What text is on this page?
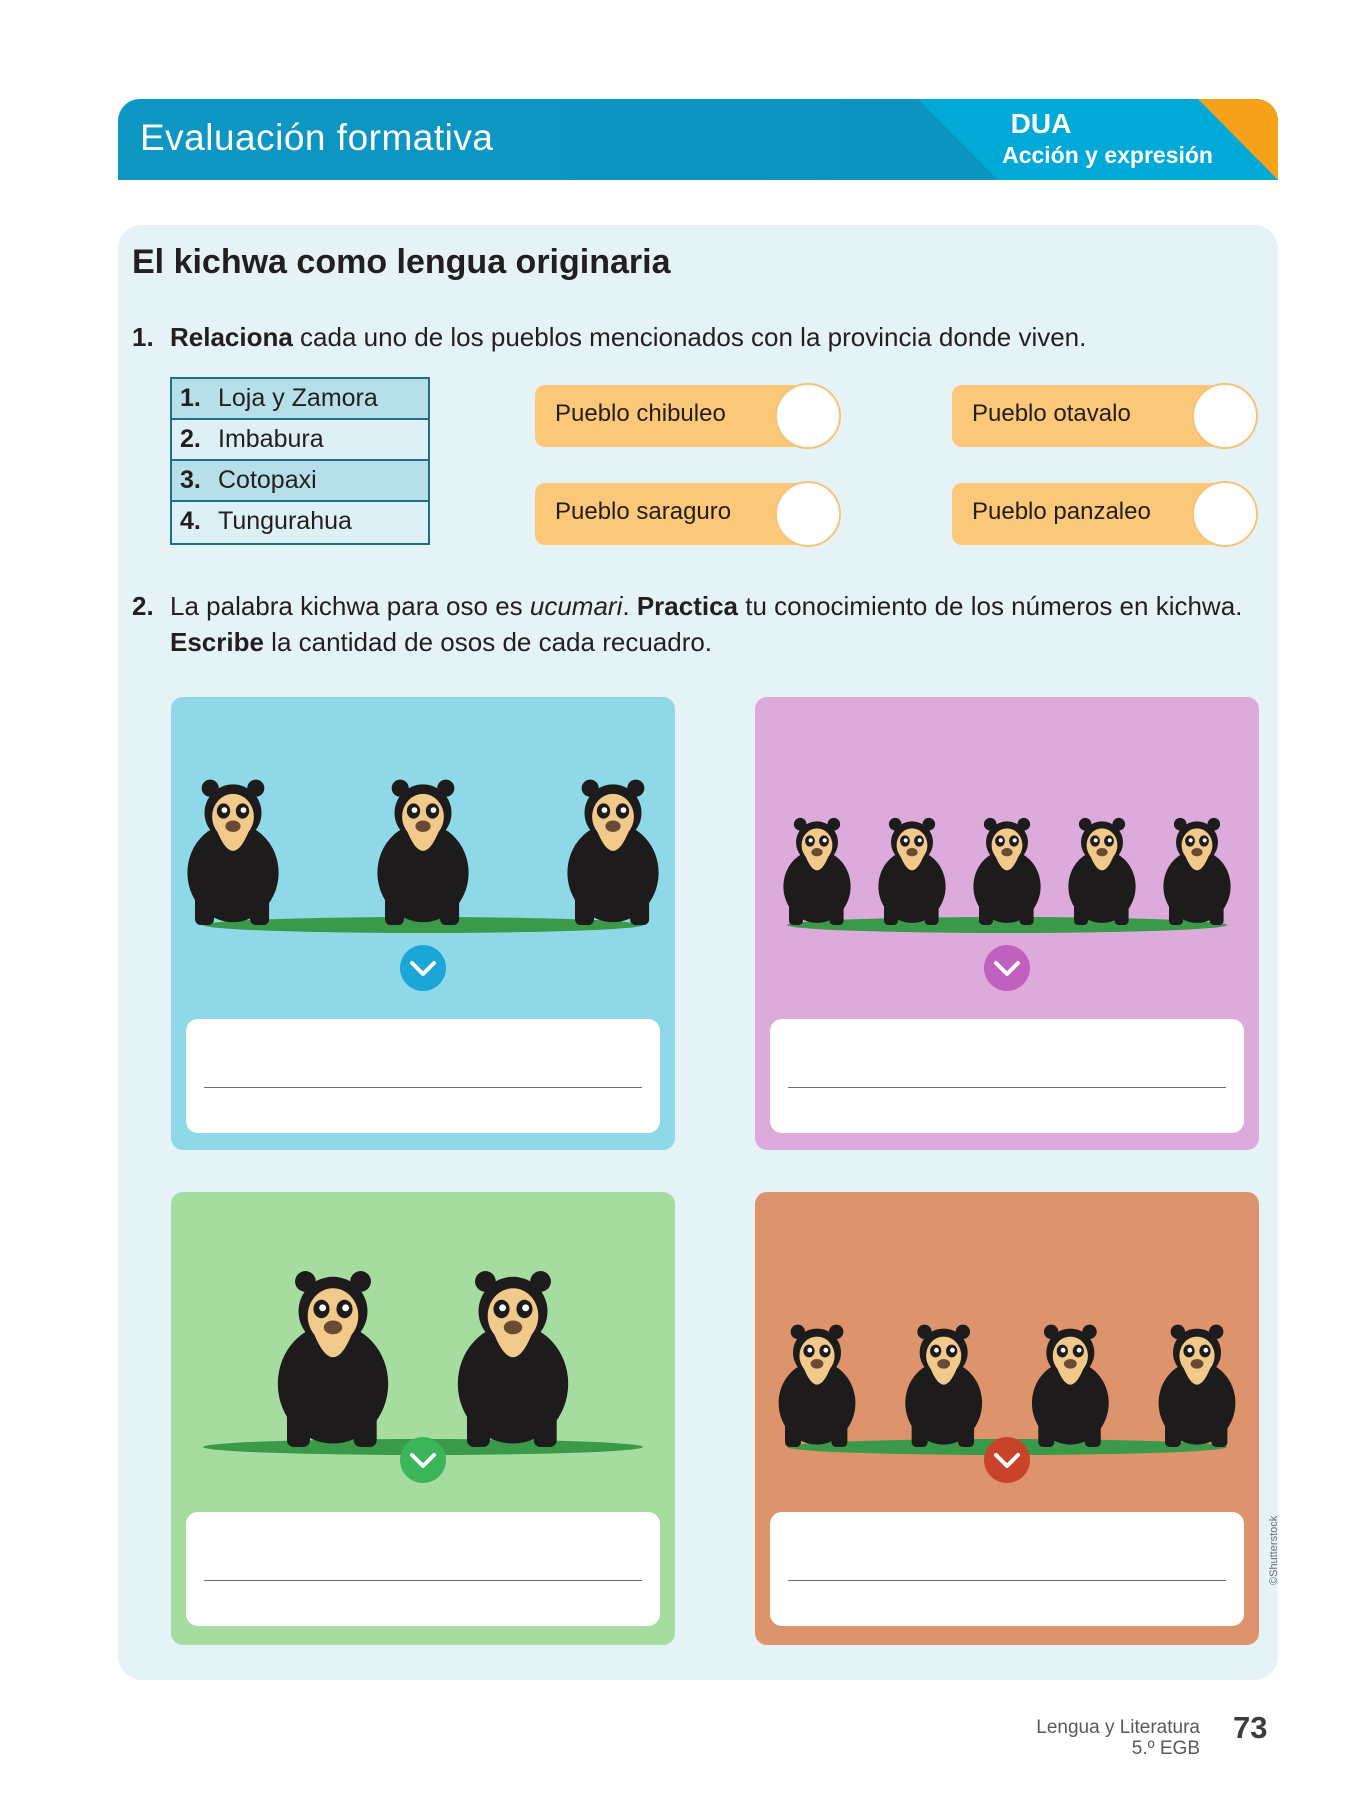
Evaluación formativa	DUA
Acción y expresión
El kichwa como lengua originaria
1. Relaciona cada uno de los pueblos mencionados con la provincia donde viven.
1. Loja y Zamora
2. Imbabura
3. Cotopaxi
4. Tungurahua
Pueblo chibuleo	Pueblo otavalo
Pueblo saraguro	Pueblo panzaleo
2. La palabra kichwa para oso es ucumari. Practica tu conocimiento de los números en kichwa.
Escribe la cantidad de osos de cada recuadro.
©Shutterstock
Lengua y Literatura
5.º EGB
73
